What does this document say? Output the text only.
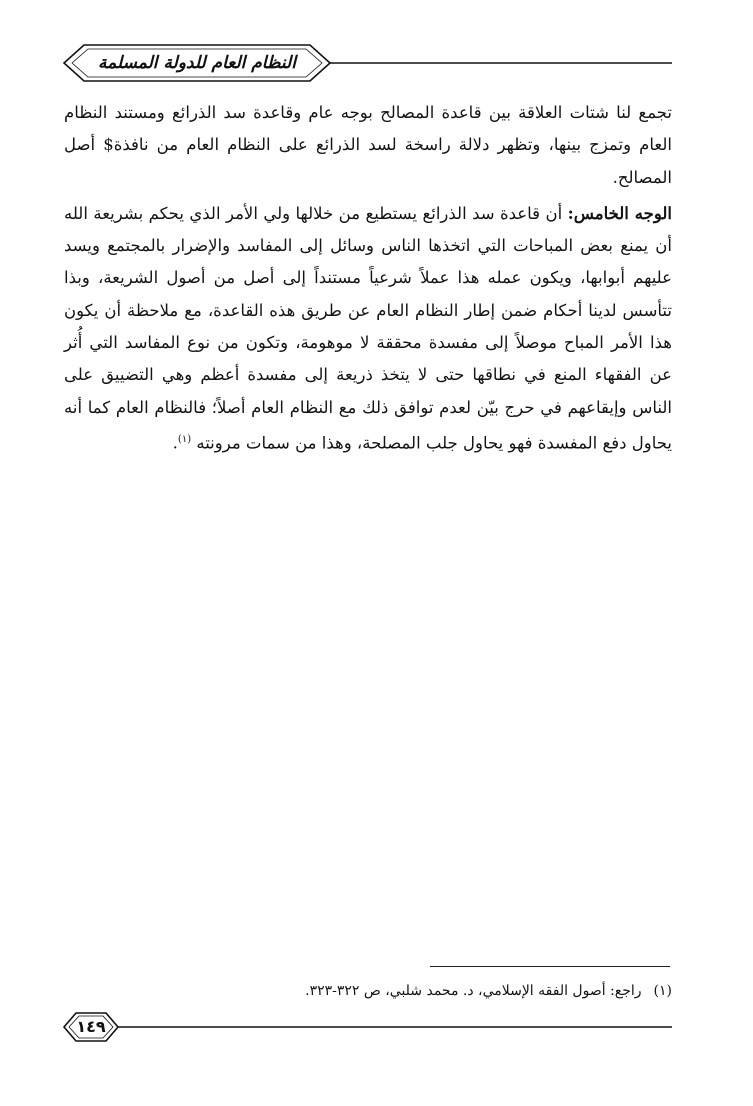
النظام العام للدولة المسلمة

تجمع لنا شتات العلاقة بين قاعدة المصالح بوجه عام وقاعدة سد الذرائع ومستند النظام العام وتمزج بينها، وتظهر دلالة راسخة لسد الذرائع على النظام العام من نافذة$ أصل المصالح.

الوجه الخامس: أن قاعدة سد الذرائع يستطيع من خلالها ولي الأمر الذي يحكم بشريعة الله أن يمنع بعض المباحات التي اتخذها الناس وسائل إلى المفاسد والإضرار بالمجتمع ويسد عليهم أبوابها، ويكون عمله هذا عملاً شرعياً مستنداً إلى أصل من أصول الشريعة، وبذا تتأسس لدينا أحكام ضمن إطار النظام العام عن طريق هذه القاعدة، مع ملاحظة أن يكون هذا الأمر المباح موصلاً إلى مفسدة محققة لا موهومة، وتكون من نوع المفاسد التي أُثر عن الفقهاء المنع في نطاقها حتى لا يتخذ ذريعة إلى مفسدة أعظم وهي التضييق على الناس وإيقاعهم في حرج بيّن لعدم توافق ذلك مع النظام العام أصلاً؛ فالنظام العام كما أنه يحاول دفع المفسدة فهو يحاول جلب المصلحة، وهذا من سمات مرونته $^{(١)}$.

(١)راجع: أصول الفقه الإسلامي، د. محمد شلبي، ص ٣٢٢-٣٢٣.
١٤٩
